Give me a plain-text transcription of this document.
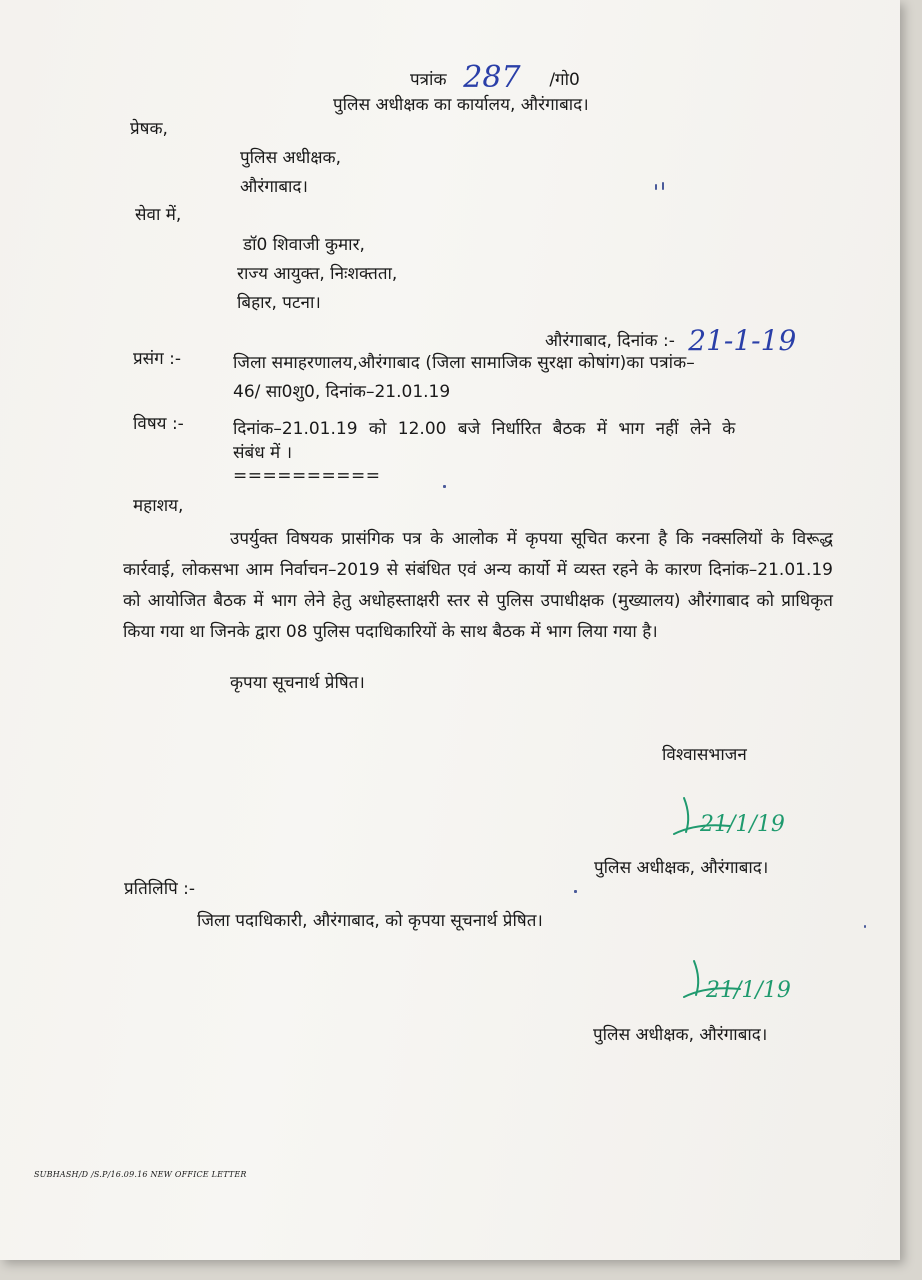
पत्रांक 287 /गो0
पुलिस अधीक्षक का कार्यालय, औरंगाबाद।
प्रेषक,
पुलिस अधीक्षक,
औरंगाबाद।
सेवा में,
डॉ0 शिवाजी कुमार,
राज्य आयुक्त, निःशक्तता,
बिहार, पटना।
औरंगाबाद, दिनांक :- 21-1-19
प्रसंग :-	जिला समाहरणालय,औरंगाबाद (जिला सामाजिक सुरक्षा कोषांग)का पत्रांक–
46/ सा0शु0, दिनांक–21.01.19
विषय :-	दिनांक–21.01.19 को 12.00 बजे निर्धारित बैठक में भाग नहीं लेने के
संबंध में ।
==========
महाशय,
उपर्युक्त विषयक प्रासंगिक पत्र के आलोक में कृपया सूचित करना है कि नक्सलियों के विरूद्ध कार्रवाई, लोकसभा आम निर्वाचन–2019 से संबंधित एवं अन्य कार्यो में व्यस्त रहने के कारण दिनांक–21.01.19 को आयोजित बैठक में भाग लेने हेतु अधोहस्ताक्षरी स्तर से पुलिस उपाधीक्षक (मुख्यालय) औरंगाबाद को प्राधिकृत किया गया था जिनके द्वारा 08 पुलिस पदाधिकारियों के साथ बैठक में भाग लिया गया है।
कृपया सूचनार्थ प्रेषित।
विश्वासभाजन
21/1/19
पुलिस अधीक्षक, औरंगाबाद।
प्रतिलिपि :-
जिला पदाधिकारी, औरंगाबाद, को कृपया सूचनार्थ प्रेषित।
21/1/19
पुलिस अधीक्षक, औरंगाबाद।
SUBHASH/D /S.P/16.09.16 NEW OFFICE LETTER
